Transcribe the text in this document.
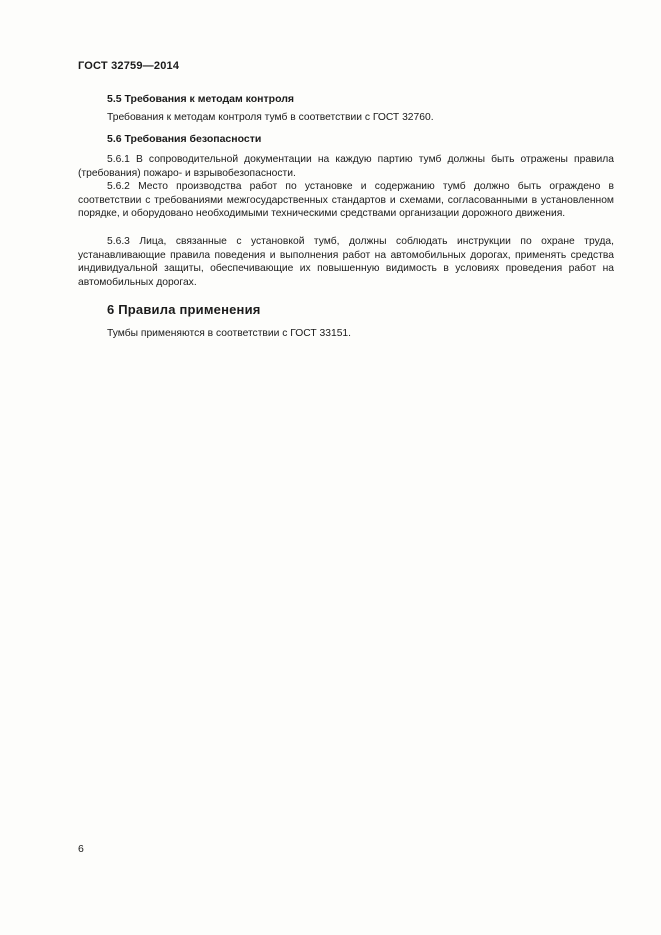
ГОСТ 32759—2014
5.5 Требования к методам контроля
Требования к методам контроля тумб в соответствии с ГОСТ 32760.
5.6 Требования безопасности

5.6.1 В сопроводительной документации на каждую партию тумб должны быть отражены правила (требования) пожаро- и взрывобезопасности.

5.6.2 Место производства работ по установке и содержанию тумб должно быть ограждено в соответствии с требованиями межгосударственных стандартов и схемами, согласованными в установленном порядке, и оборудовано необходимыми техническими средствами организации дорожного движения.

5.6.3 Лица, связанные с установкой тумб, должны соблюдать инструкции по охране труда, устанавливающие правила поведения и выполнения работ на автомобильных дорогах, применять средства индивидуальной защиты, обеспечивающие их повышенную видимость в условиях проведения работ на автомобильных дорогах.

6 Правила применения
Тумбы применяются в соответствии с ГОСТ 33151.
6
